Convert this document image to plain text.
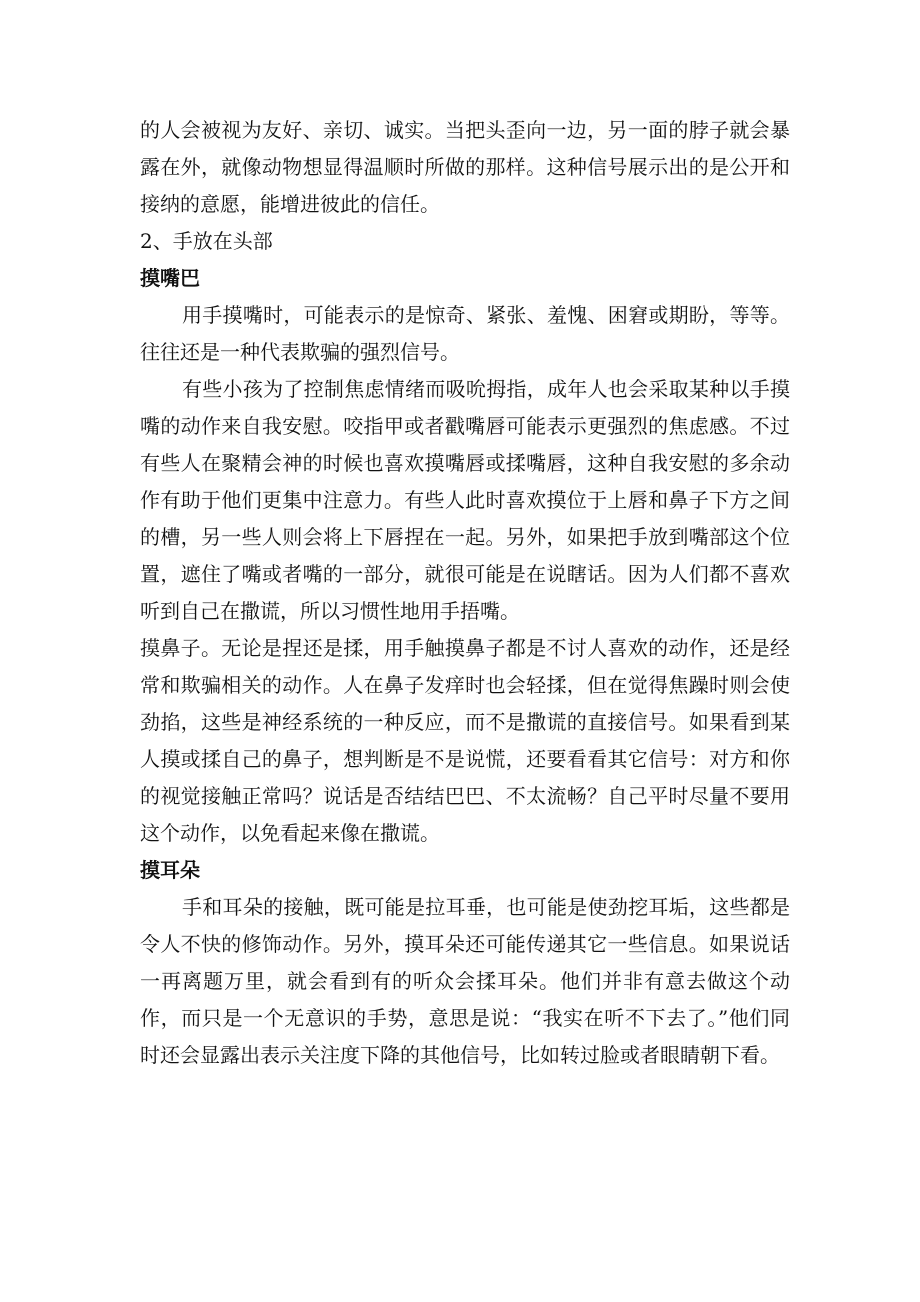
的人会被视为友好、亲切、诚实。当把头歪向一边，另一面的脖子就会暴露在外，就像动物想显得温顺时所做的那样。这种信号展示出的是公开和接纳的意愿，能增进彼此的信任。

2、手放在头部

摸嘴巴

用手摸嘴时，可能表示的是惊奇、紧张、羞愧、困窘或期盼，等等。往往还是一种代表欺骗的强烈信号。

有些小孩为了控制焦虑情绪而吸吮拇指，成年人也会采取某种以手摸嘴的动作来自我安慰。咬指甲或者戳嘴唇可能表示更强烈的焦虑感。不过有些人在聚精会神的时候也喜欢摸嘴唇或揉嘴唇，这种自我安慰的多余动作有助于他们更集中注意力。有些人此时喜欢摸位于上唇和鼻子下方之间的槽，另一些人则会将上下唇捏在一起。另外，如果把手放到嘴部这个位置，遮住了嘴或者嘴的一部分，就很可能是在说瞎话。因为人们都不喜欢听到自己在撒谎，所以习惯性地用手捂嘴。

摸鼻子。无论是捏还是揉，用手触摸鼻子都是不讨人喜欢的动作，还是经常和欺骗相关的动作。人在鼻子发痒时也会轻揉，但在觉得焦躁时则会使劲掐，这些是神经系统的一种反应，而不是撒谎的直接信号。如果看到某人摸或揉自己的鼻子，想判断是不是说慌，还要看看其它信号：对方和你的视觉接触正常吗？说话是否结结巴巴、不太流畅？自己平时尽量不要用这个动作，以免看起来像在撒谎。

摸耳朵

手和耳朵的接触，既可能是拉耳垂，也可能是使劲挖耳垢，这些都是令人不快的修饰动作。另外，摸耳朵还可能传递其它一些信息。如果说话一再离题万里，就会看到有的听众会揉耳朵。他们并非有意去做这个动作，而只是一个无意识的手势，意思是说：“我实在听不下去了。”他们同时还会显露出表示关注度下降的其他信号，比如转过脸或者眼睛朝下看。
